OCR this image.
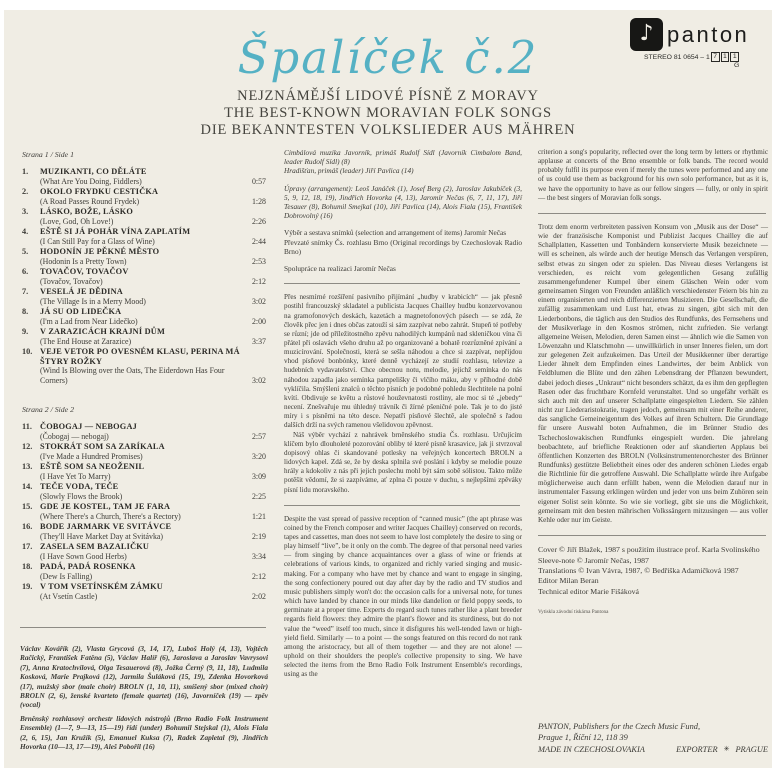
Špalíček č.2
NEJZNÁMĚJŠÍ LIDOVÉ PÍSNĚ Z MORAVY
THE BEST-KNOWN MORAVIAN FOLK SONGS
DIE BEKANNTESTEN VOLKSLIEDER AUS MÄHREN
♪ panton
STEREO 81 0654 – 1 7 1 1
G
Strana 1 / Side 1
1.	MUZIKANTI, CO DĚLÁTE
(What Are You Doing, Fiddlers)	0:57
2.	OKOLO FRYDKU CESTIČKA
(A Road Passes Round Frydek)	1:28
3.	LÁSKO, BOŽE, LÁSKO
(Love, God, Oh Love!)	2:26
4.	EŠTĚ SI JÁ POHÁR VÍNA ZAPLATÍM
(I Can Still Pay for a Glass of Wine)	2:44
5.	HODONÍN JE PĚKNÉ MĚSTO
(Hodonin Is a Pretty Town)	2:53
6.	TOVAČOV, TOVAČOV
(Tovačov, Tovačov)	2:12
7.	VESELÁ JE DĚDINA
(The Village Is in a Merry Mood)	3:02
8.	JÁ SU OD LIDEČKA
(I'm a Lad from Near Lidečko)	2:00
9.	V ZARAZICÁCH KRAJNÍ DŮM
(The End House at Zarazice)	3:37
10. VEJE VETOR PO OVESNÉM KLASU, PERINA MÁ ŠTYRY ROŽKY
(Wind Is Blowing over the Oats, The Eiderdown Has Four Corners)	3:02
Strana 2 / Side 2
11. ČOBOGAJ — NEBOGAJ
(Čobogaj — nebogaj)	2:57
12. STOKRÁT SOM SA ZARÍKALA
(I've Made a Hundred Promises)	3:20
13. EŠTĚ SOM SA NEOŽENIL
(I Have Yet To Marry)	3:09
14. TEČE VODA, TEČE
(Slowly Flows the Brook)	2:25
15. GDE JE KOSTEL, TAM JE FARA
(Where There's a Church, There's a Rectory)	1:21
16. BODE JARMARK VE SVITÁVCE
(They'll Have Market Day at Svitávka)	2:19
17. ZASELA SEM BAZALIČKU
(I Have Sown Good Herbs)	3:34
18. PADÁ, PADÁ ROSENKA
(Dew Is Falling)	2:12
19. V TOM VSETÍNSKÉM ZÁMKU
(At Vsetín Castle)	2:02

Václav Kovářík (2), Vlasta Grycová (3, 14, 17), Luboš Holý (4, 13), Vojtěch Račický, František Fatěna (5), Václav Halíř (6), Jaroslava a Jaroslav Vavrysovi (7), Anna Kratochvílová, Olga Tesauerová (8), Jožka Černý (9, 11, 18), Ludmila Kosková, Marie Prajková (12), Jarmila Šuláková (15, 19), Zdenka Hovorková (17), mužský sbor (male choir) BROLN (1, 10, 11), smíšený sbor (mixed choir) BROLN (2, 6), ženské kvarteto (female quartet) (16), Javorníček (19) — zpěv (vocal)

Brněnský rozhlasový orchestr lidových nástrojů (Brno Radio Folk Instrument Ensemble) (1—7, 9—13, 15—19) řídí (under) Bohumil Stejskal (1), Alois Fiala (2, 6, 15), Jan Kružík (5), Emanuel Kuksa (7), Radek Zapletal (9), Jindřich Hovorka (10—13, 17—19), Aleš Pobořil (16)

Cimbálová muzika Javorník, primáš Rudolf Sídl (Javorník Cimbalom Band, leader Rudolf Sídl) (8)

Hradišťan, primáš (leader) Jiří Pavlica (14)

Úpravy (arrangement): Leoš Janáček (1), Josef Berg (2), Jaroslav Jakubíček (3, 5, 9, 12, 18, 19), Jindřich Hovorka (4, 13), Jaromír Nečas (6, 7, 11, 17), Jiří Tesauer (8), Bohumil Smejkal (10), Jiří Pavlica (14), Alois Fiala (15), František Dobrovolný (16)

Výběr a sestava snímků (selection and arrangement of items) Jaromír Nečas

Převzaté snímky Čs. rozhlasu Brno (Original recordings by Czechoslovak Radio Brno)

Spolupráce na realizaci Jaromír Nečas

Přes nesmírné rozšíření pasivního přijímání „hudby v krabicích“ — jak přesně postihl francouzský skladatel a publicista Jacques Chailley hudbu konzervovanou na gramofonových deskách, kazetách a magnetofonových pásech — se zdá, že člověk přec jen i dnes občas zatouží si sám zazpívat nebo zahrát. Stupeň té potřeby se různí; jde od příležitostného zpěvu nahodilých kumpánů nad skleničkou vína či přátel při oslavách všeho druhu až po organizované a bohatě rozrůzněné zpívání a muzicírování. Společnosti, která se sešla náhodou a chce si zazpívat, nepřijdou vhod písňové bonbónky, které denně vycházejí ze studií rozhlasu, televize a hudebních vydavatelství. Chce obecnou notu, melodie, jejichž semínka do nás náhodou zapadla jako semínka pampelišky či vlčího máku, aby v příhodné době vyklíčila. Smýšlení znalců o těchto písních je podobné pohledu šlechtitele na polní kvítí. Obdivuje se květu a růstové houževnatosti rostliny, ale moc si té „jebedy“ necení. Znešvařuje mu úhledný trávník či žírné pšeničné pole. Tak je to do jisté míry i s písněmi na této desce. Nepatří písňové šlechtě, ale společně s řadou dalších drží na svých ramenou všelidovou zpěvnost.

Náš výběr vychází z nahrávek brněnského studia Čs. rozhlasu. Určujícím klíčem bylo dlouholeté pozorování obliby té které písně krasavice, jak ji stvrzoval dopisový ohlas či skandované potlesky na veřejných koncertech BROLN a lidových kapel. Zdá se, že by deska splnila své poslání i kdyby se melodie pouze hrály a kdokoliv z nás při jejich poslechu mohl být sám sobě sólistou. Takto může potěšit vědomí, že si zazpíváme, ať zplna či pouze v duchu, s nejlepšími zpěváky písní lidu moravského.

Despite the vast spread of passive reception of “canned music” (the apt phrase was coined by the French composer and writer Jacques Chailley) conserved on records, tapes and cassettes, man does not seem to have lost completely the desire to sing or play himself “live”, be it only on the comb. The degree of that personal need varies — from singing by chance acquaintances over a glass of wine or friends at celebrations of various kinds, to organized and richly varied singing and music-making. For a company who have met by chance and want to engage in singing, the song confectionery poured out day after day by the radio and TV studios and music publishers simply won't do: the occasion calls for a universal note, for tunes which have landed by chance in our minds like dandelion or field poppy seeds, to germinate at a proper time. Experts do regard such tunes rather like a plant breeder regards field flowers: they admire the plant's flower and its sturdiness, but do not value the “weed” itself too much, since it disfigures his well-tended lawn or high-yield field. Similarly — to a point — the songs featured on this record do not rank among the aristocracy, but all of them together — and they are not alone! — uphold on their shoulders the people's collective propensity to sing. We have selected the items from the Brno Radio Folk Instrument Ensemble's recordings, using as the

criterion a song's popularity, reflected over the long term by letters or rhythmic applause at concerts of the Brno ensemble or folk bands. The record would probably fulfil its purpose even if merely the tunes were performed and any one of us could use them as background for his own solo performance, but as it is, we have the opportunity to have as our fellow singers — fully, or only in spirit — the best singers of Moravian folk songs.

Trotz dem enorm verbreiteten passiven Konsum von „Musik aus der Dose“ — wie der französische Komponist und Publizist Jacques Chailley die auf Schallplatten, Kassetten und Tonbändern konservierte Musik bezeichnete — will es scheinen, als würde auch der heutige Mensch das Verlangen verspüren, selbst etwas zu singen oder zu spielen. Das Niveau dieses Verlangens ist verschieden, es reicht vom gelegentlichen Gesang zufällig zusammengefundener Kumpel über einem Gläschen Wein oder vom gemeinsamen Singen von Freunden anläßlich verschiedenster Feiern bis hin zu einem organisierten und reich differenzierten Musizieren. Die Gesellschaft, die zufällig zusammenkam und Lust hat, etwas zu singen, gibt sich mit den Liederbonbons, die täglich aus den Studios des Rundfunks, des Fernsehens und der Musikverlage in den Kosmos strömen, nicht zufrieden. Sie verlangt allgemeine Weisen, Melodien, deren Samen einst — ähnlich wie die Samen von Löwenzahn und Klatschmohn — unwillkürlich in unser Inneres fielen, um dort zur gelegenen Zeit aufzukeimen. Das Urteil der Musikkenner über derartige Lieder ähnelt dem Empfinden eines Landwirtes, der beim Anblick von Feldblumen die Blüte und den zähen Lebensdrang der Pflanzen bewundert, dabei jedoch dieses „Unkraut“ nicht besonders schätzt, da es ihm den gepflegten Rasen oder das fruchtbare Kornfeld verunstaltet. Und so ungefähr verhält es sich auch mit den auf unserer Schallplatte eingespielten Liedern. Sie zählen nicht zur Liederaristokratie, tragen jedoch, gemeinsam mit einer Reihe anderer, das sangliche Gemeineigentum des Volkes auf ihren Schultern. Die Grundlage für unsere Auswahl boten Aufnahmen, die im Brünner Studio des Tschechoslowakischen Rundfunks eingespielt wurden. Die jahrelang beobachtete, auf briefliche Reaktionen oder auf skandierten Applaus bei öffentlichen Konzerten des BROLN (Volksinstrumentenorchester des Brünner Rundfunks) gestützte Beliebtheit eines oder des anderen schönen Liedes ergab die Richtlinie für die getroffene Auswahl. Die Schallplatte würde ihre Aufgabe möglicherweise auch dann erfüllt haben, wenn die Melodien darauf nur in instrumentaler Fassung erklingen würden und jeder von uns beim Zuhören sein eigener Solist sein könnte. So wie sie vorliegt, gibt sie uns die Möglichkeit, gemeinsam mit den besten mährischen Volkssängern mitzusingen — aus voller Kehle oder nur im Geiste.

Cover © Jiří Blažek, 1987 s použitím ilustrace prof. Karla Svolinského
Sleeve-note © Jaromír Nečas, 1987
Translations © Ivan Vávra, 1987, © Bedřiška Adamičková 1987
Editor Milan Beran
Technical editor Marie Fišáková
Vytiskla závodní tiskárna Pantona
PANTON, Publishers for the Czech Music Fund,
Prague 1, Říční 12, 118 39
MADE IN CZECHOSLOVAKIA	EXPORTER ✳ PRAGUE
